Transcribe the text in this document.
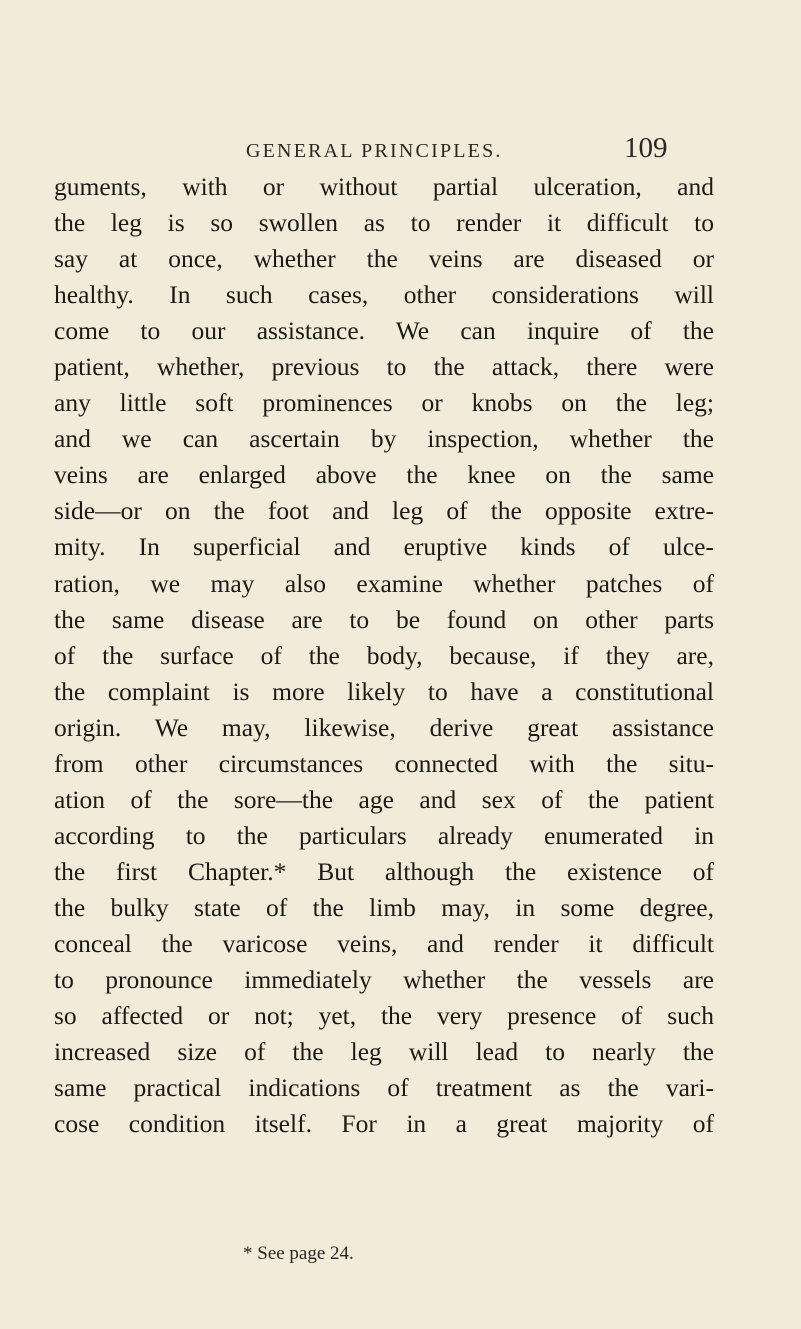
GENERAL PRINCIPLES.	109
guments, with or without partial ulceration, and
the leg is so swollen as to render it difficult to
say at once, whether the veins are diseased or
healthy. In such cases, other considerations will
come to our assistance. We can inquire of the
patient, whether, previous to the attack, there were
any little soft prominences or knobs on the leg;
and we can ascertain by inspection, whether the
veins are enlarged above the knee on the same
side—or on the foot and leg of the opposite extre-
mity. In superficial and eruptive kinds of ulce-
ration, we may also examine whether patches of
the same disease are to be found on other parts
of the surface of the body, because, if they are,
the complaint is more likely to have a constitutional
origin. We may, likewise, derive great assistance
from other circumstances connected with the situ-
ation of the sore—the age and sex of the patient
according to the particulars already enumerated in
the first Chapter.* But although the existence of
the bulky state of the limb may, in some degree,
conceal the varicose veins, and render it difficult
to pronounce immediately whether the vessels are
so affected or not; yet, the very presence of such
increased size of the leg will lead to nearly the
same practical indications of treatment as the vari-
cose condition itself. For in a great majority of
* See page 24.
